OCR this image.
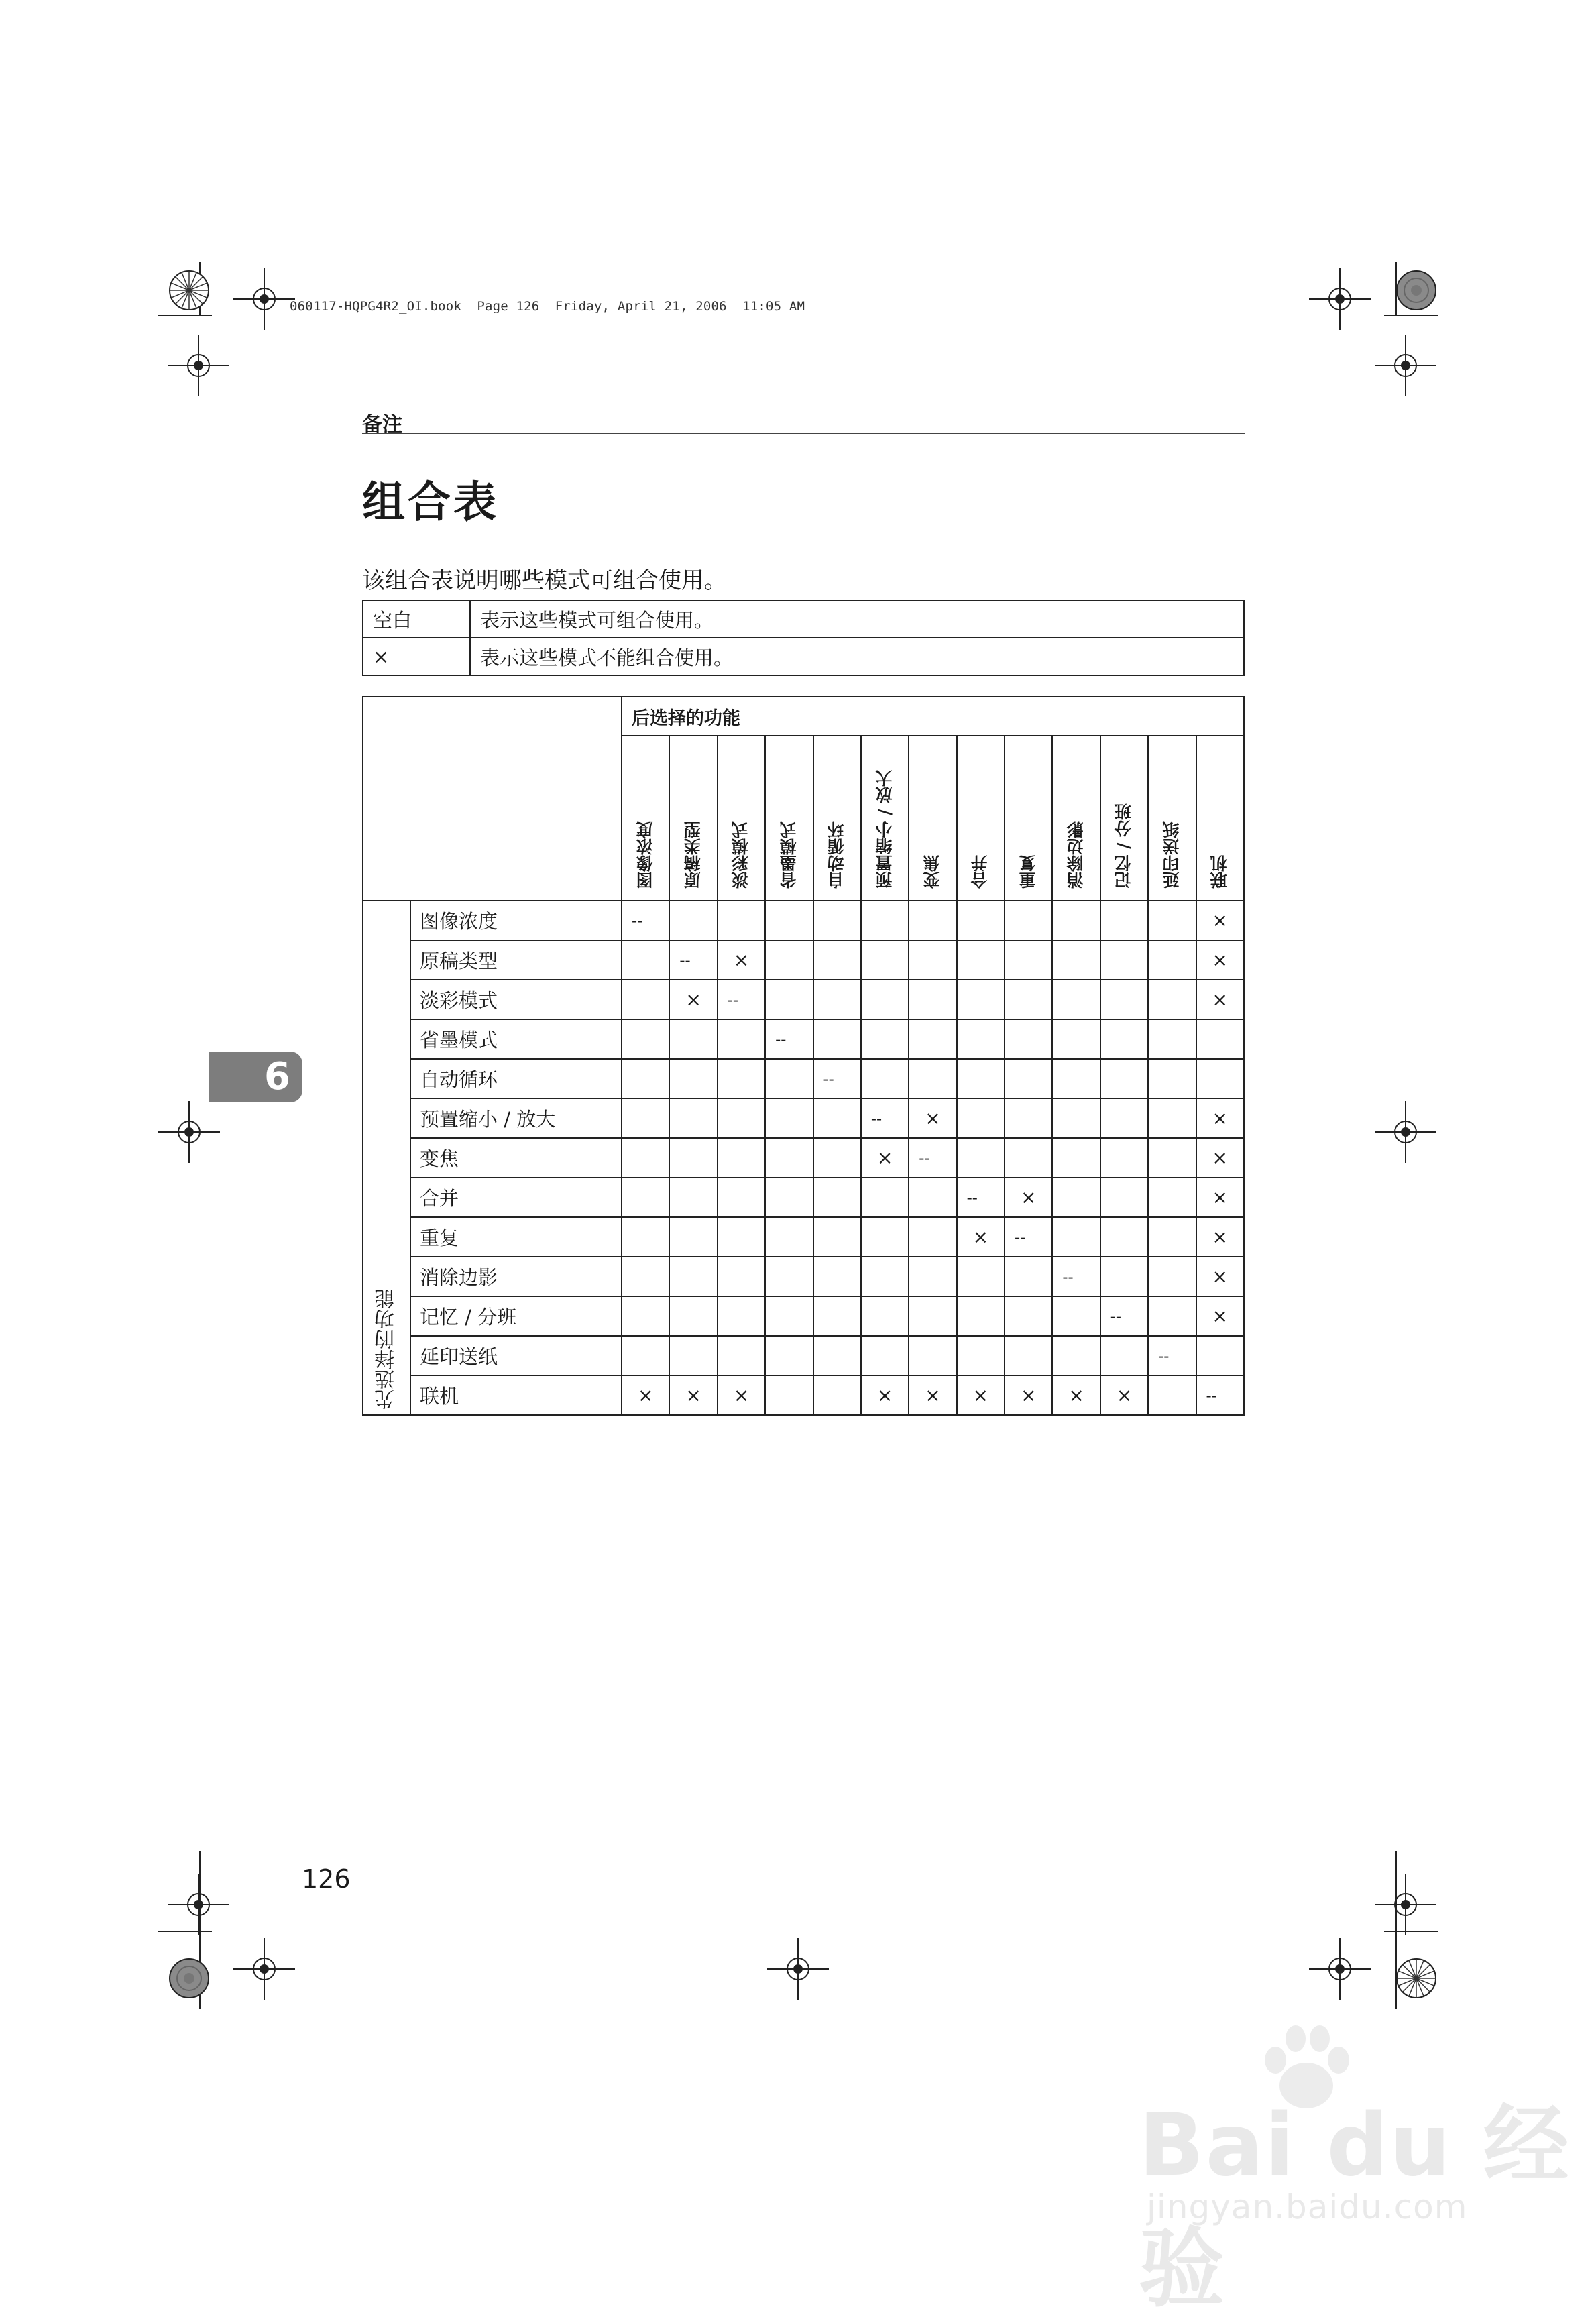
060117-HQPG4R2_OI.book  Page 126  Friday, April 21, 2006  11:05 AM
备注
组合表
该组合表说明哪些模式可组合使用。
空白	表示这些模式可组合使用。
×	表示这些模式不能组合使用。
		后选择的功能												
		图像浓度	原稿类型	淡彩模式	省墨模式	自动循环	预置缩小 / 放大	变焦	合并	重复	消除边影	记忆 / 分班	延印送纸	联机
先选择的功能	图像浓度	--												×
	原稿类型		--	×										×
	淡彩模式		×	--										×
	省墨模式				--									
	自动循环					--								
	预置缩小 / 放大						--	×						×
	变焦						×	--						×
	合并								--	×				×
	重复								×	--				×
	消除边影										--			×
	记忆 / 分班											--		×
	延印送纸												--	
	联机	×	×	×			×	×	×	×	×	×		--
6
126
Bai du 经验
jingyan.baidu.com
